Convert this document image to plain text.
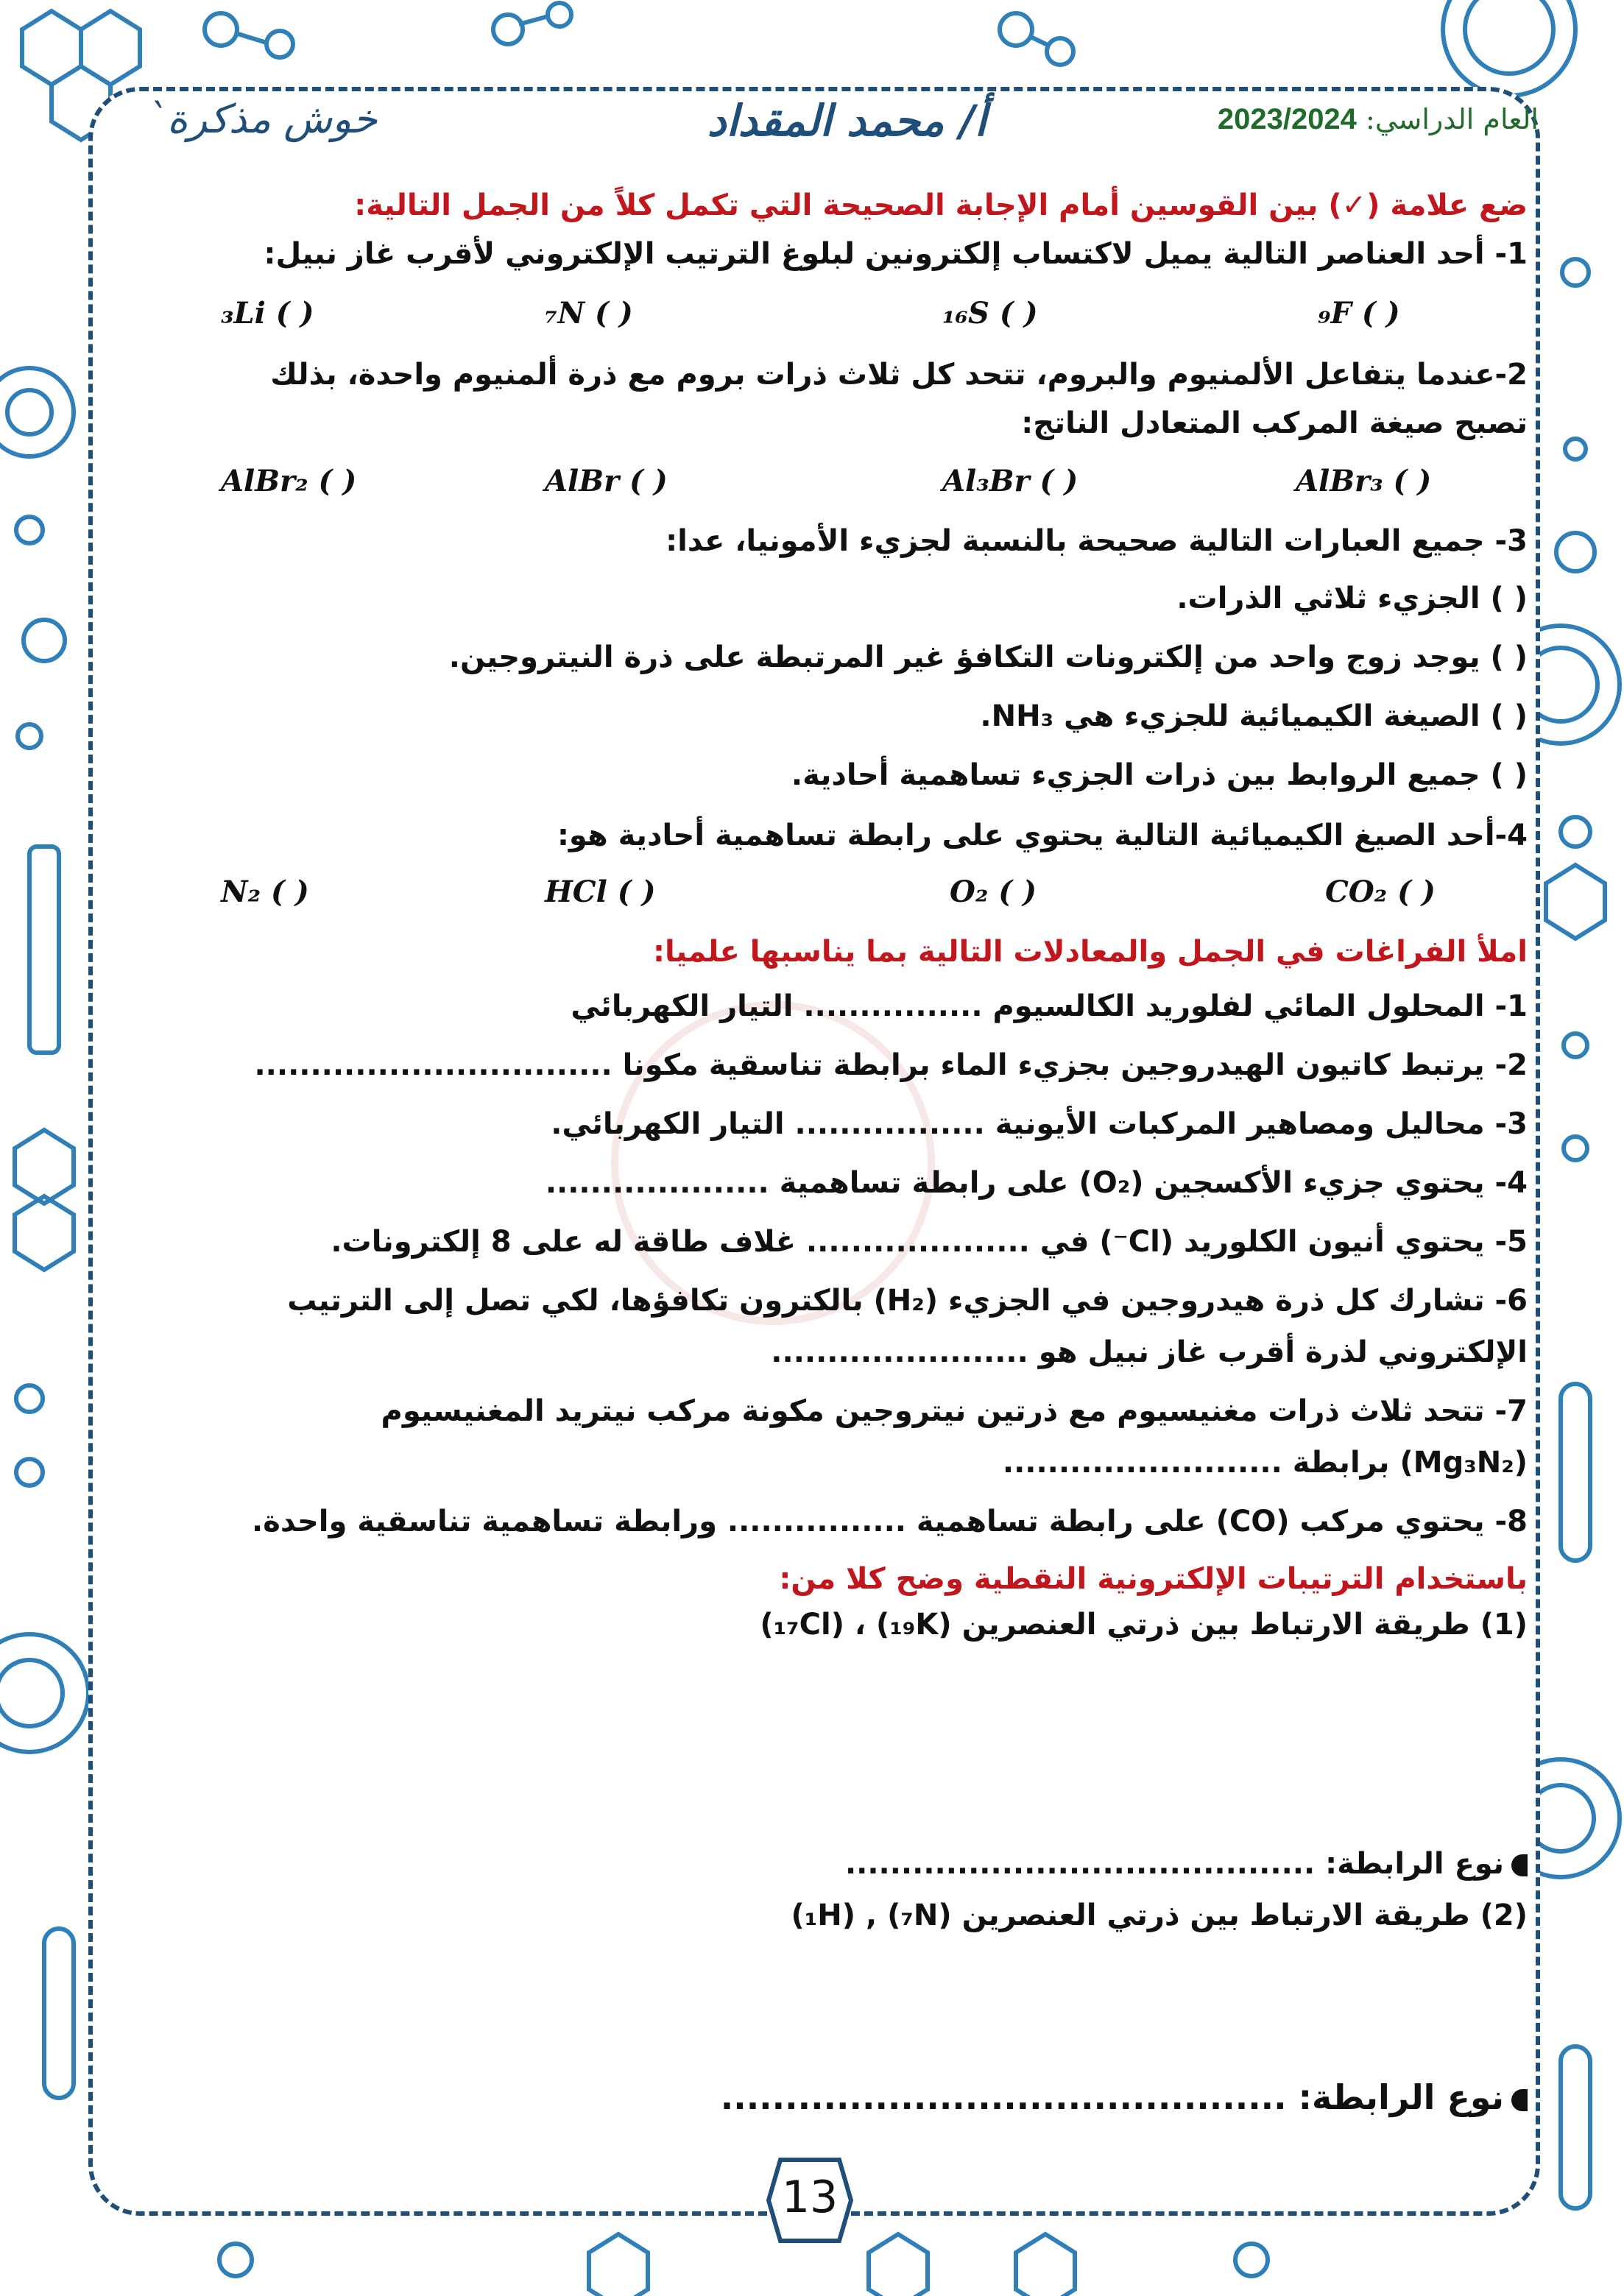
13
العام الدراسي: 2023/2024
أ/ محمد المقداد
خوش مذكرة`
ضع علامة (✓) بين القوسين أمام الإجابة الصحيحة التي تكمل كلاً من الجمل التالية:
1- أحد العناصر التالية يميل لاكتساب إلكترونين لبلوغ الترتيب الإلكتروني لأقرب غاز نبيل:
₉F ( )
₁₆S ( )
₇N ( )
₃Li ( )
2-عندما يتفاعل الألمنيوم والبروم، تتحد كل ثلاث ذرات بروم مع ذرة ألمنيوم واحدة، بذلك
تصبح صيغة المركب المتعادل الناتج:
AlBr₃ ( )
Al₃Br ( )
AlBr ( )
AlBr₂ ( )
3- جميع العبارات التالية صحيحة بالنسبة لجزيء الأمونيا، عدا:
( ) الجزيء ثلاثي الذرات.
( ) يوجد زوج واحد من إلكترونات التكافؤ غير المرتبطة على ذرة النيتروجين.
( ) الصيغة الكيميائية للجزيء هي NH₃.
( ) جميع الروابط بين ذرات الجزيء تساهمية أحادية.
4-أحد الصيغ الكيميائية التالية يحتوي على رابطة تساهمية أحادية هو:
CO₂ ( )
O₂ ( )
HCl ( )
N₂ ( )
املأ الفراغات في الجمل والمعادلات التالية بما يناسبها علميا:
1- المحلول المائي لفلوريد الكالسيوم ................ التيار الكهربائي
2- يرتبط كاتيون الهيدروجين بجزيء الماء برابطة تناسقية مكونا ................................
3- محاليل ومصاهير المركبات الأيونية ................. التيار الكهربائي.
4- يحتوي جزيء الأكسجين (O₂) على رابطة تساهمية ....................
5- يحتوي أنيون الكلوريد (Cl⁻) في .................... غلاف طاقة له على 8 إلكترونات.
6- تشارك كل ذرة هيدروجين في الجزيء (H₂) بالكترون تكافؤها، لكي تصل إلى الترتيب
الإلكتروني لذرة أقرب غاز نبيل هو .......................
7- تتحد ثلاث ذرات مغنيسيوم مع ذرتين نيتروجين مكونة مركب نيتريد المغنيسيوم
(Mg₃N₂) برابطة .........................
8- يحتوي مركب (CO) على رابطة تساهمية ................ ورابطة تساهمية تناسقية واحدة.
باستخدام الترتيبات الإلكترونية النقطية وضح كلا من:
(1) طريقة الارتباط بين ذرتي العنصرين (₁₉K) ، (₁₇Cl)
نوع الرابطة: ..........................................
(2) طريقة الارتباط بين ذرتي العنصرين (₇N) , (₁H)
نوع الرابطة: ............................................
